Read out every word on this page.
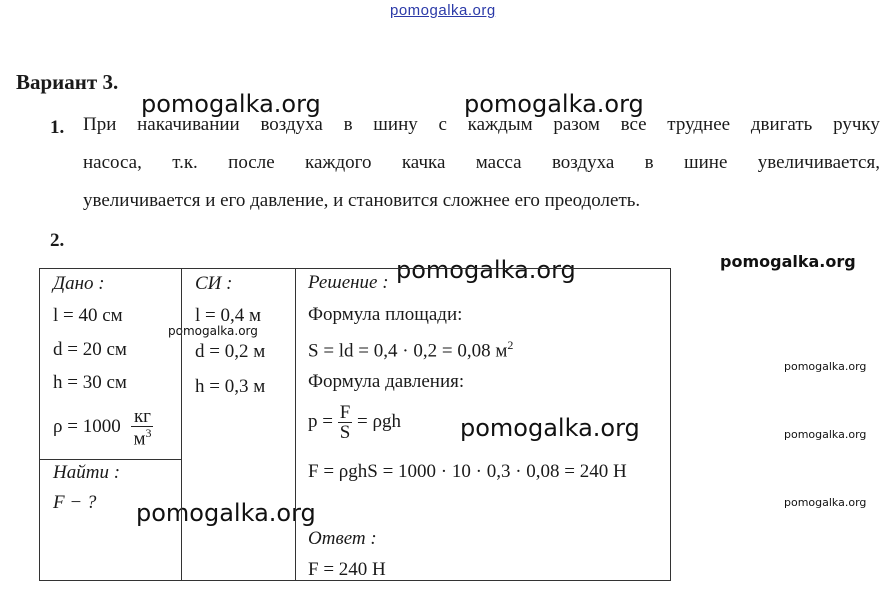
pomogalka.org
pomogalka.org	pomogalka.org
pomogalka.org	pomogalka.org
pomogalka.org
pomogalka.org
pomogalka.org	pomogalka.org
pomogalka.org
pomogalka.org
Вариант 3.
1. При накачивании воздуха в шину с каждым разом все труднее двигать ручку
насоса, т.к. после каждого качка масса воздуха в шине увеличивается,
увеличивается и его давление, и становится сложнее его преодолеть.
2.
Дано :
l = 40 см
d = 20 см
h = 30 см
$\rho = 1000 \frac{кг}{м^3}$
Найти :
F − ?
СИ :
l = 0,4 м
d = 0,2 м
h = 0,3 м
Решение :
Формула площади:
S = ld = 0,4 · 0,2 = 0,08 $м^2$
Формула давления:
$p = \frac{F}{S} = \rho gh$
F = ρghS = 1000 · 10 · 0,3 · 0,08 = 240 Н
Ответ :
F = 240 Н
